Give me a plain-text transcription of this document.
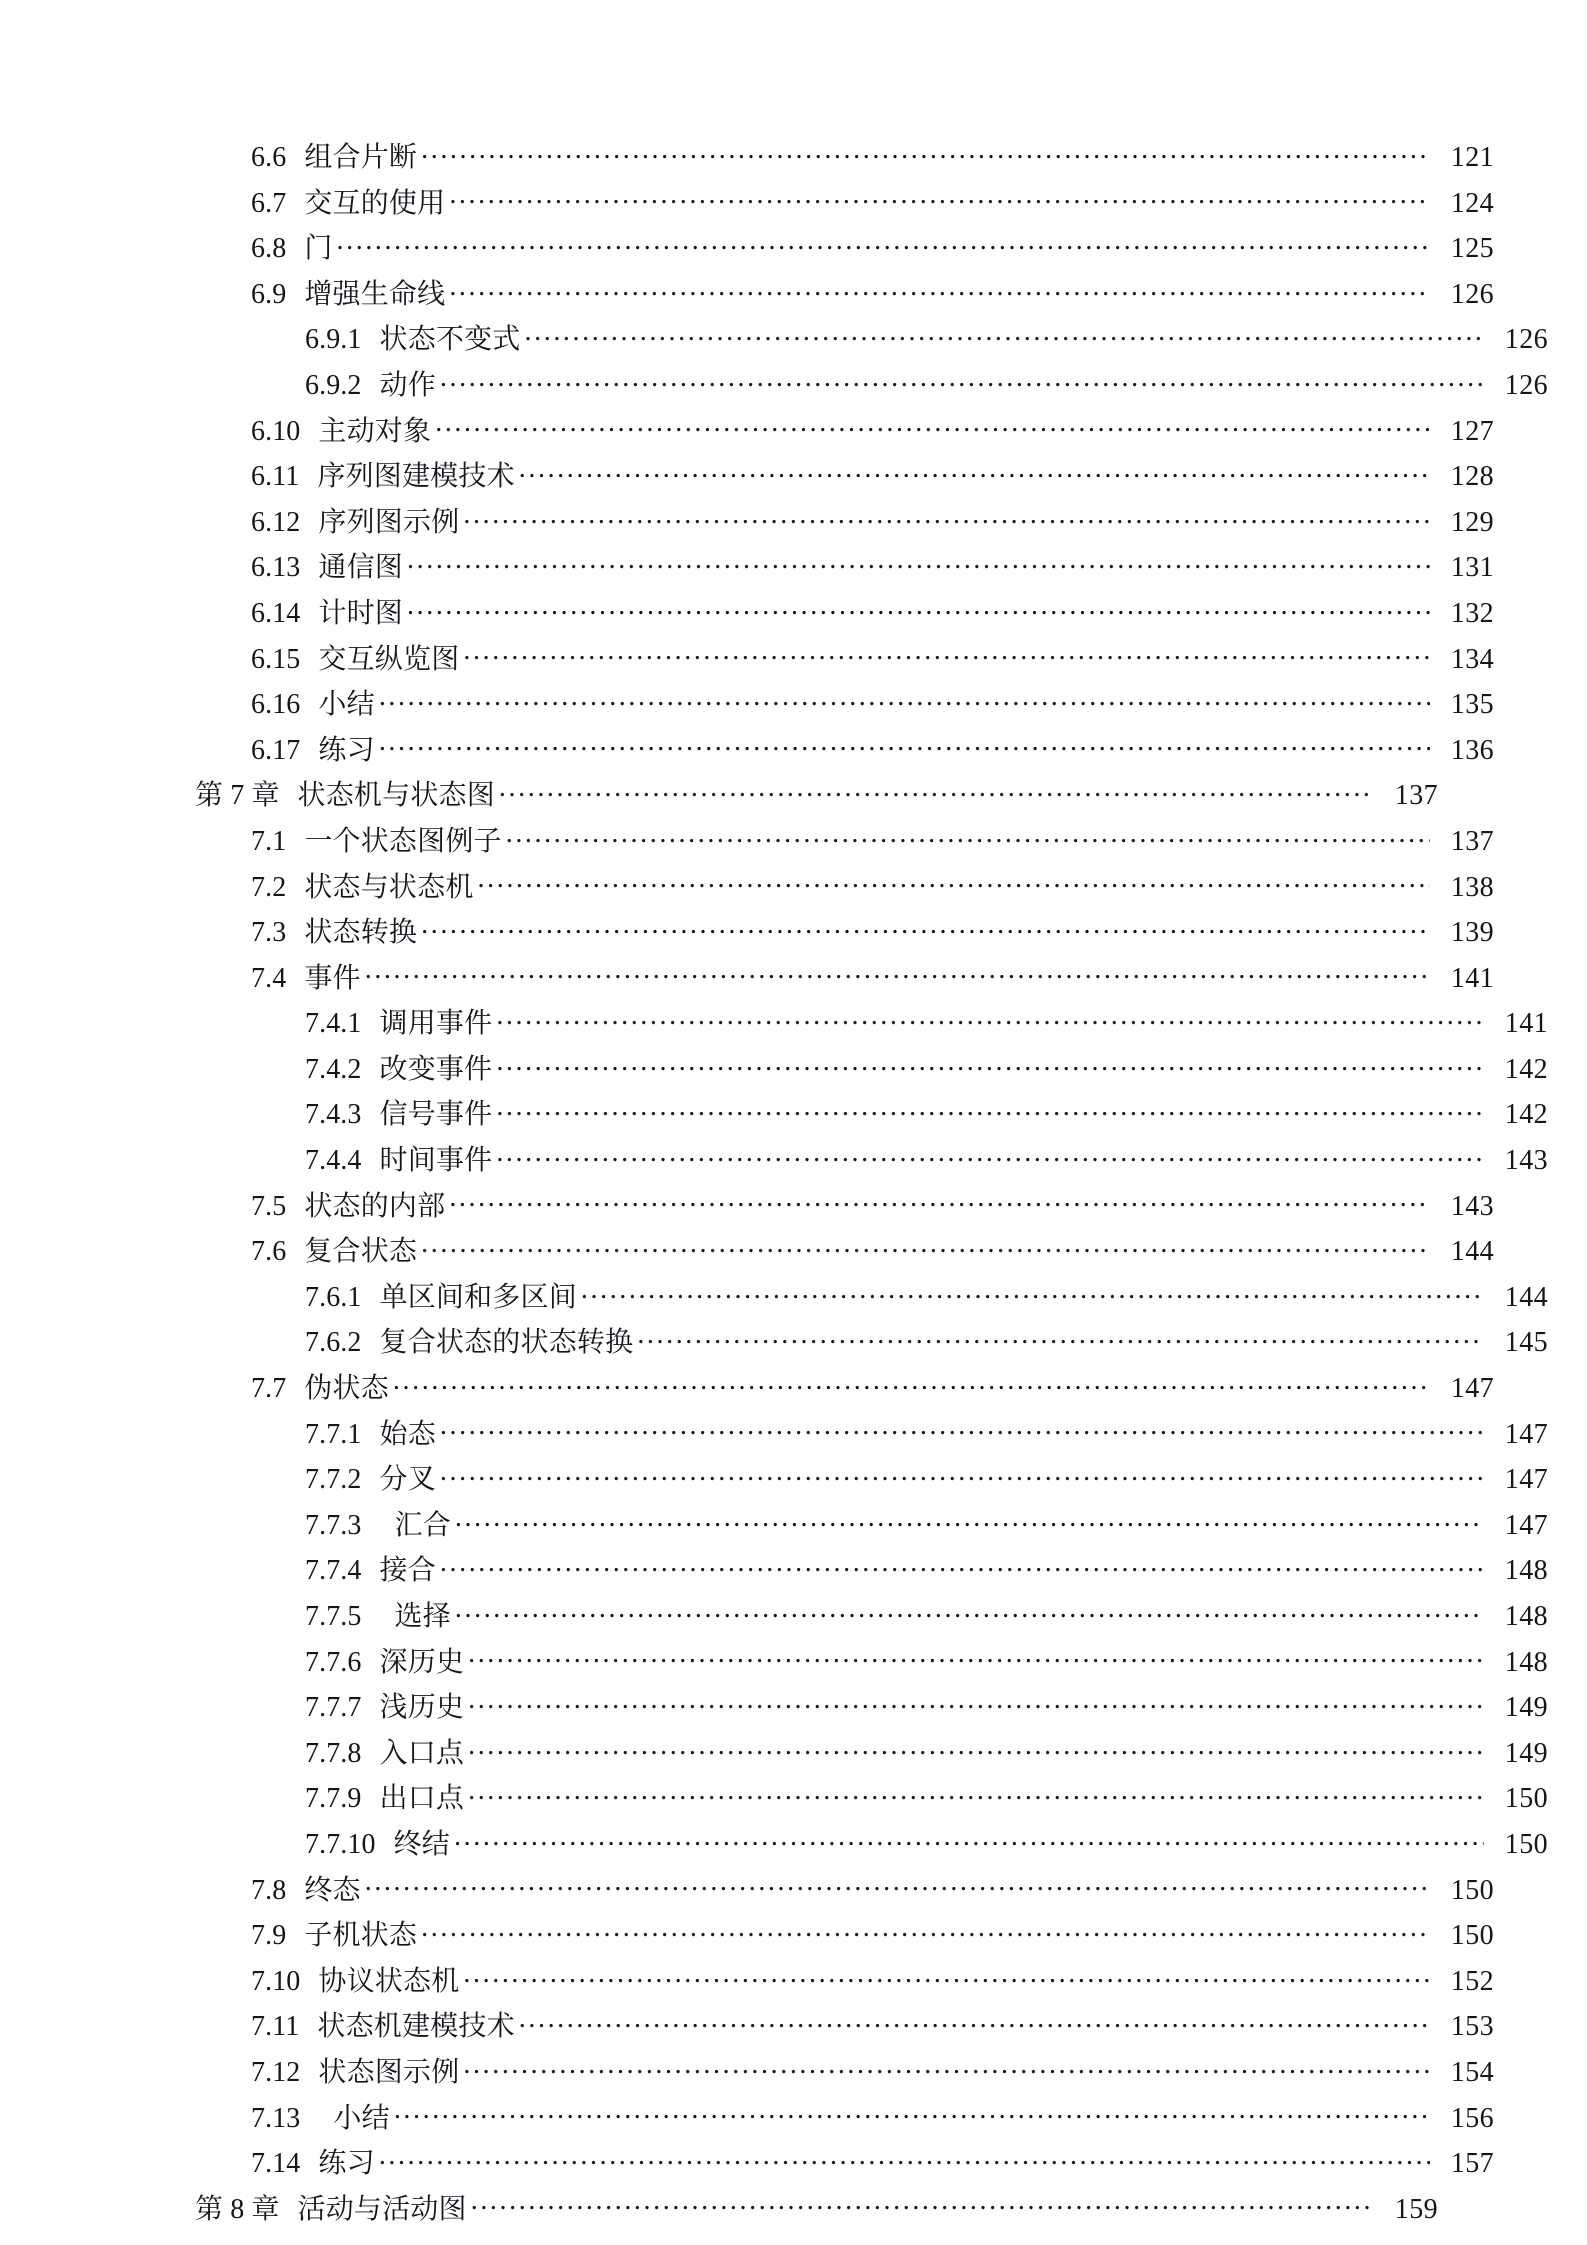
6.6 组合片断 .....	121
6.7 交互的使用 .....	124
6.8 门 .....	125
6.9 增强生命线 .....	126
6.9.1 状态不变式 .....	126
6.9.2 动作 .....	126
6.10 主动对象 .....	127
6.11 序列图建模技术 .....	128
6.12 序列图示例 .....	129
6.13 通信图 .....	131
6.14 计时图 .....	132
6.15 交互纵览图 .....	134
6.16 小结 .....	135
6.17 练习 .....	136
第 7 章 状态机与状态图 .....	137
7.1 一个状态图例子 .....	137
7.2 状态与状态机 .....	138
7.3 状态转换 .....	139
7.4 事件 .....	141
7.4.1 调用事件 .....	141
7.4.2 改变事件 .....	142
7.4.3 信号事件 .....	142
7.4.4 时间事件 .....	143
7.5 状态的内部 .....	143
7.6 复合状态 .....	144
7.6.1 单区间和多区间 .....	144
7.6.2 复合状态的状态转换 .....	145
7.7 伪状态 .....	147
7.7.1 始态 .....	147
7.7.2 分叉 .....	147
7.7.3 汇合 .....	147
7.7.4 接合 .....	148
7.7.5 选择 .....	148
7.7.6 深历史 .....	148
7.7.7 浅历史 .....	149
7.7.8 入口点 .....	149
7.7.9 出口点 .....	150
7.7.10 终结 .....	150
7.8 终态 .....	150
7.9 子机状态 .....	150
7.10 协议状态机 .....	152
7.11 状态机建模技术 .....	153
7.12 状态图示例 .....	154
7.13 小结 .....	156
7.14 练习 .....	157
第 8 章 活动与活动图 .....	159
